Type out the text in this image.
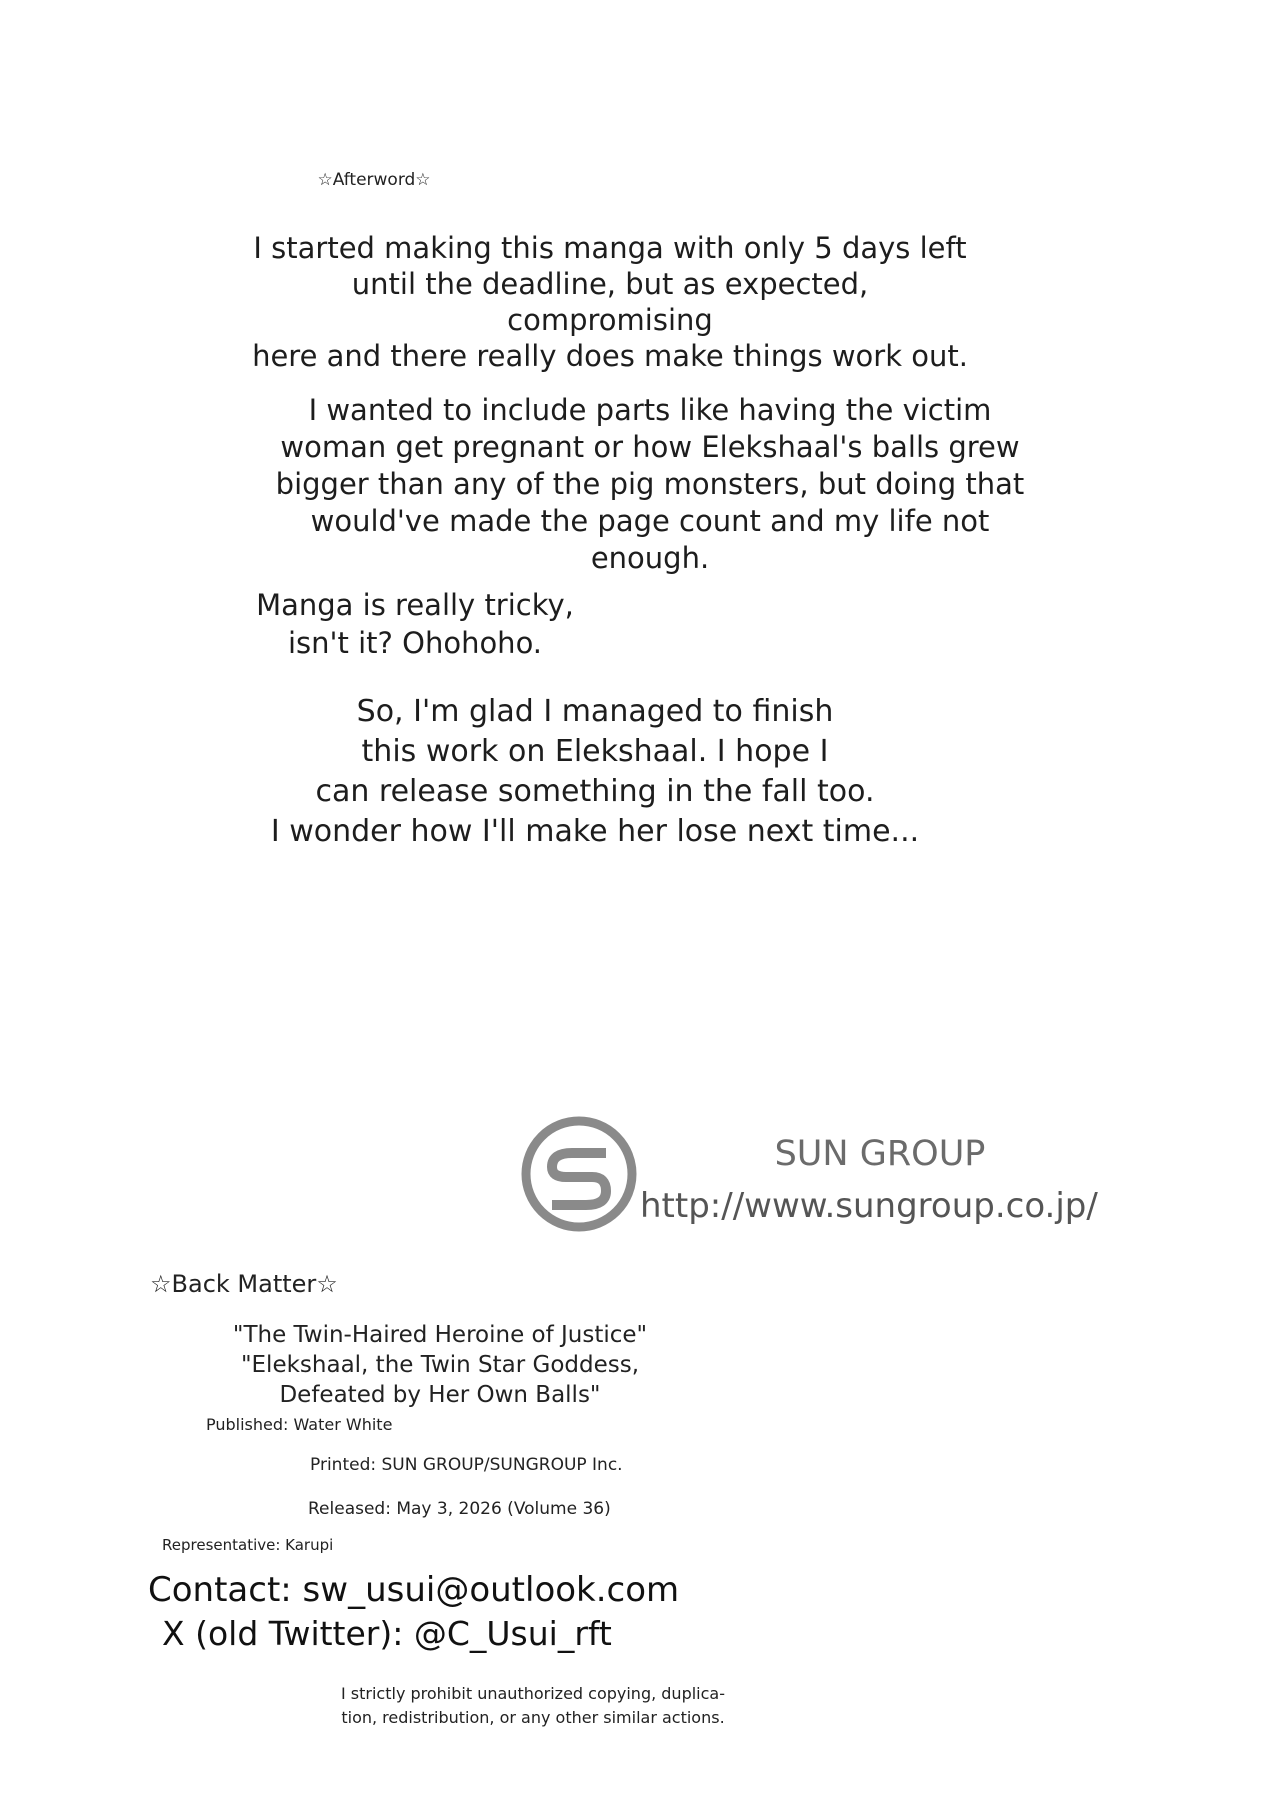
☆Afterword☆

I started making this manga with only 5 days left
until the deadline, but as expected, compromising
here and there really does make things work out.

I wanted to include parts like having the victim
woman get pregnant or how Elekshaal's balls grew
bigger than any of the pig monsters, but doing that
would've made the page count and my life not enough.

Manga is really tricky,
isn't it? Ohohoho.

So, I'm glad I managed to finish
this work on Elekshaal. I hope I
can release something in the fall too.
I wonder how I'll make her lose next time...

SUN GROUP
http://www.sungroup.co.jp/
☆Back Matter☆
"The Twin-Haired Heroine of Justice"
"Elekshaal, the Twin Star Goddess,
Defeated by Her Own Balls"
Published: Water White
Printed: SUN GROUP/SUNGROUP Inc.
Released: May 3, 2026 (Volume 36)
Representative: Karupi
Contact: sw_usui@outlook.com
X (old Twitter): @C_Usui_rft
I strictly prohibit unauthorized copying, duplica-
tion, redistribution, or any other similar actions.
